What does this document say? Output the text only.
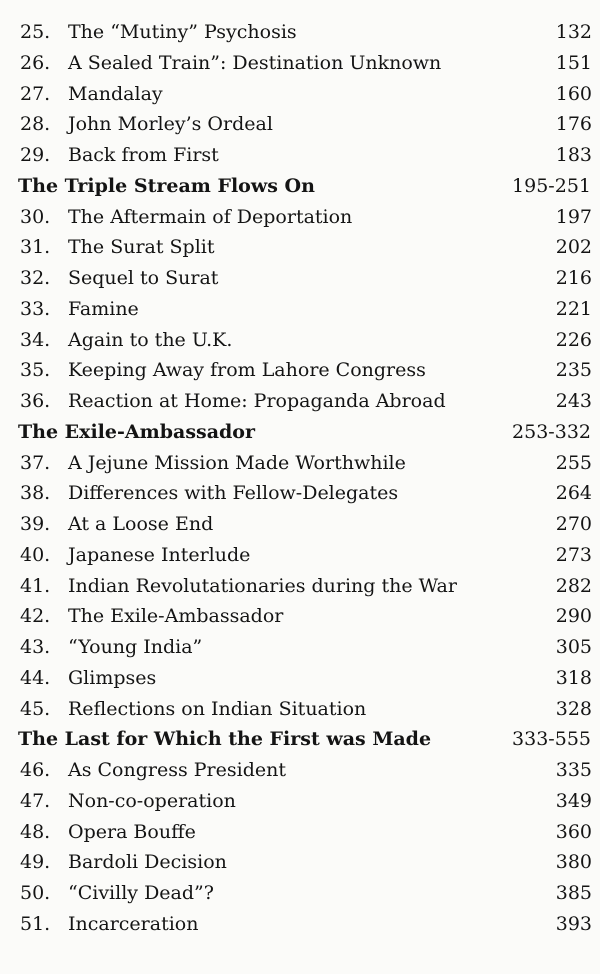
25. The “Mutiny” Psychosis	132
26. A Sealed Train”: Destination Unknown	151
27. Mandalay	160
28. John Morley’s Ordeal	176
29. Back from First	183
The Triple Stream Flows On	195-251
30. The Aftermain of Deportation	197
31. The Surat Split	202
32. Sequel to Surat	216
33. Famine	221
34. Again to the U.K.	226
35. Keeping Away from Lahore Congress	235
36. Reaction at Home: Propaganda Abroad	243
The Exile-Ambassador	253-332
37. A Jejune Mission Made Worthwhile	255
38. Differences with Fellow-Delegates	264
39. At a Loose End	270
40. Japanese Interlude	273
41. Indian Revolutationaries during the War	282
42. The Exile-Ambassador	290
43. “Young India”	305
44. Glimpses	318
45. Reflections on Indian Situation	328
The Last for Which the First was Made	333-555
46. As Congress President	335
47. Non-co-operation	349
48. Opera Bouffe	360
49. Bardoli Decision	380
50. “Civilly Dead”?	385
51. Incarceration	393
